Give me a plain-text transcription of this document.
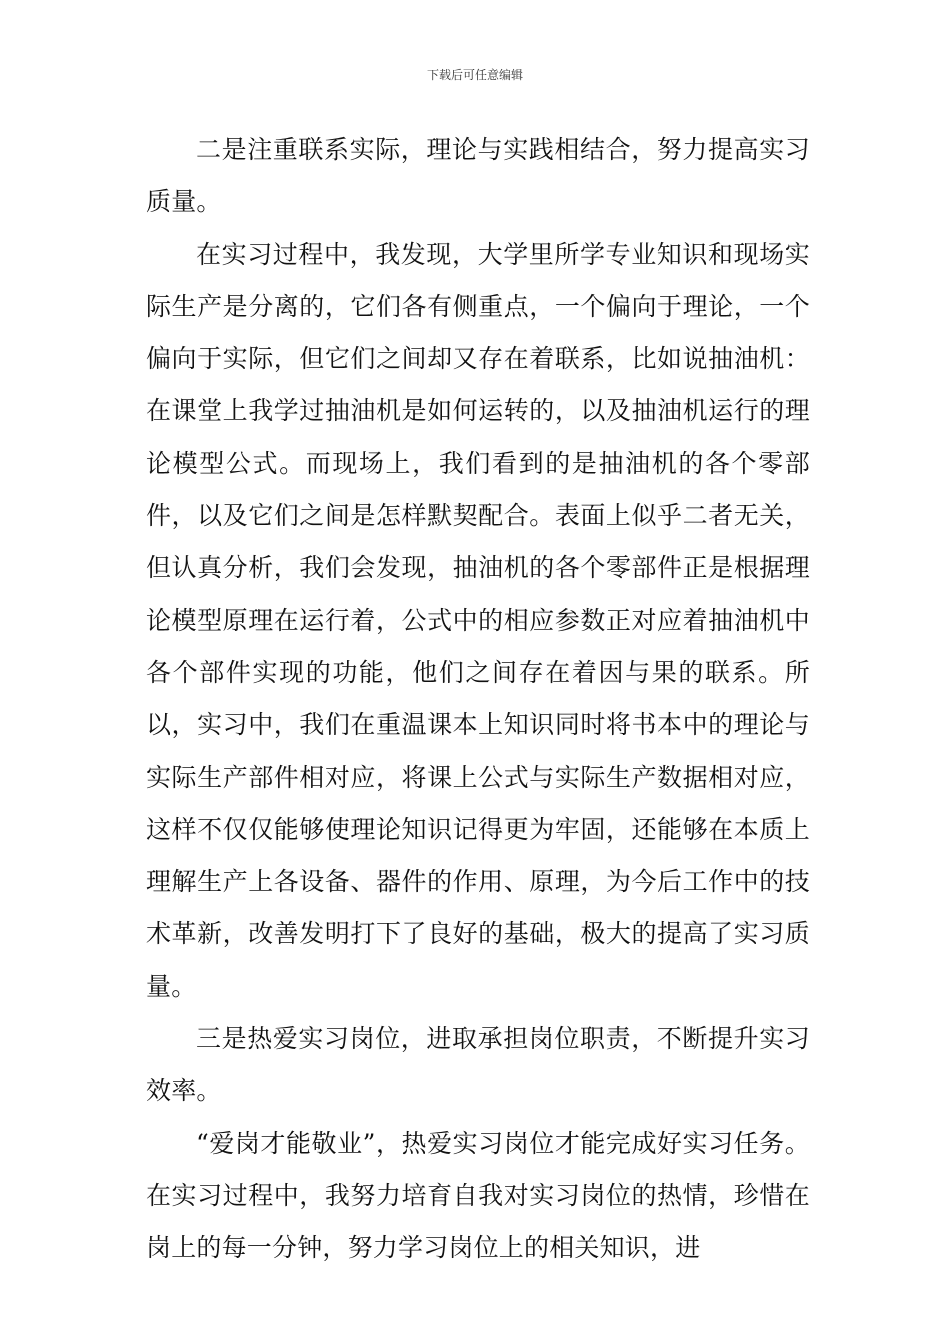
下载后可任意编辑

二是注重联系实际，理论与实践相结合，努力提高实习质量。

在实习过程中，我发现，大学里所学专业知识和现场实际生产是分离的，它们各有侧重点，一个偏向于理论，一个偏向于实际，但它们之间却又存在着联系，比如说抽油机：在课堂上我学过抽油机是如何运转的，以及抽油机运行的理论模型公式。而现场上，我们看到的是抽油机的各个零部件，以及它们之间是怎样默契配合。表面上似乎二者无关，但认真分析，我们会发现，抽油机的各个零部件正是根据理论模型原理在运行着，公式中的相应参数正对应着抽油机中各个部件实现的功能，他们之间存在着因与果的联系。所以，实习中，我们在重温课本上知识同时将书本中的理论与实际生产部件相对应，将课上公式与实际生产数据相对应，这样不仅仅能够使理论知识记得更为牢固，还能够在本质上理解生产上各设备、器件的作用、原理，为今后工作中的技术革新，改善发明打下了良好的基础，极大的提高了实习质量。

三是热爱实习岗位，进取承担岗位职责，不断提升实习效率。

“爱岗才能敬业”，热爱实习岗位才能完成好实习任务。在实习过程中，我努力培育自我对实习岗位的热情，珍惜在岗上的每一分钟，努力学习岗位上的相关知识，进
